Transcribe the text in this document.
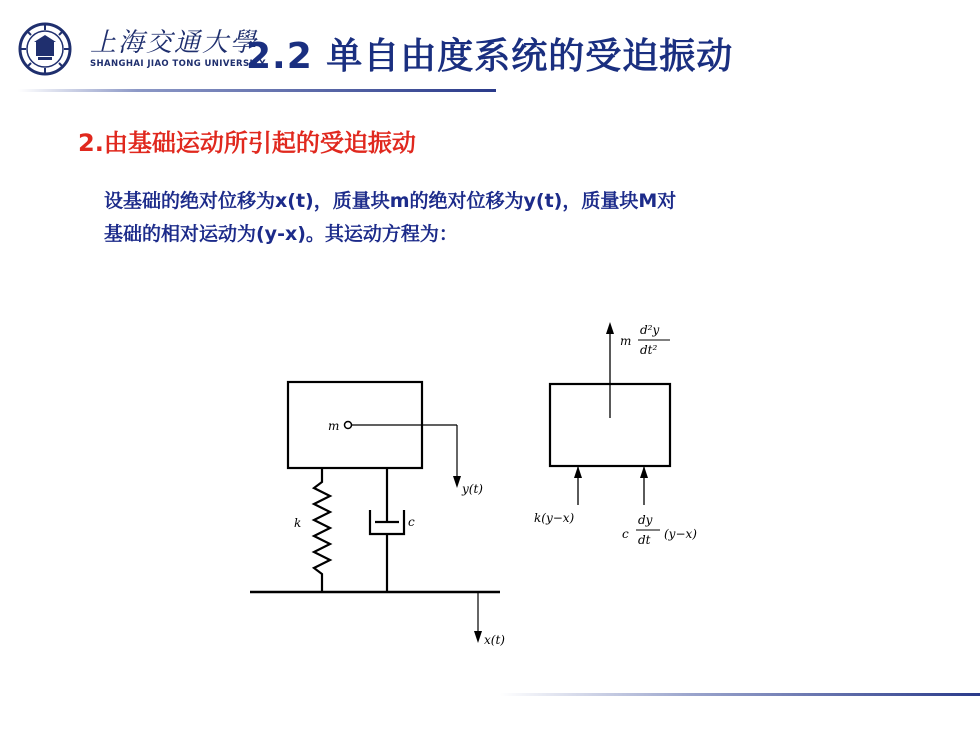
上海交通大學
SHANGHAI JIAO TONG UNIVERSITY
2.2 单自由度系统的受迫振动
2.由基础运动所引起的受迫振动
设基础的绝对位移为x(t)，质量块m的绝对位移为y(t)，质量块M对
基础的相对运动为(y-x)。其运动方程为：
m
y(t)
k	c
x(t)
m
d²y
dt²
k(y−x)
c
dy
dt (y−x)
